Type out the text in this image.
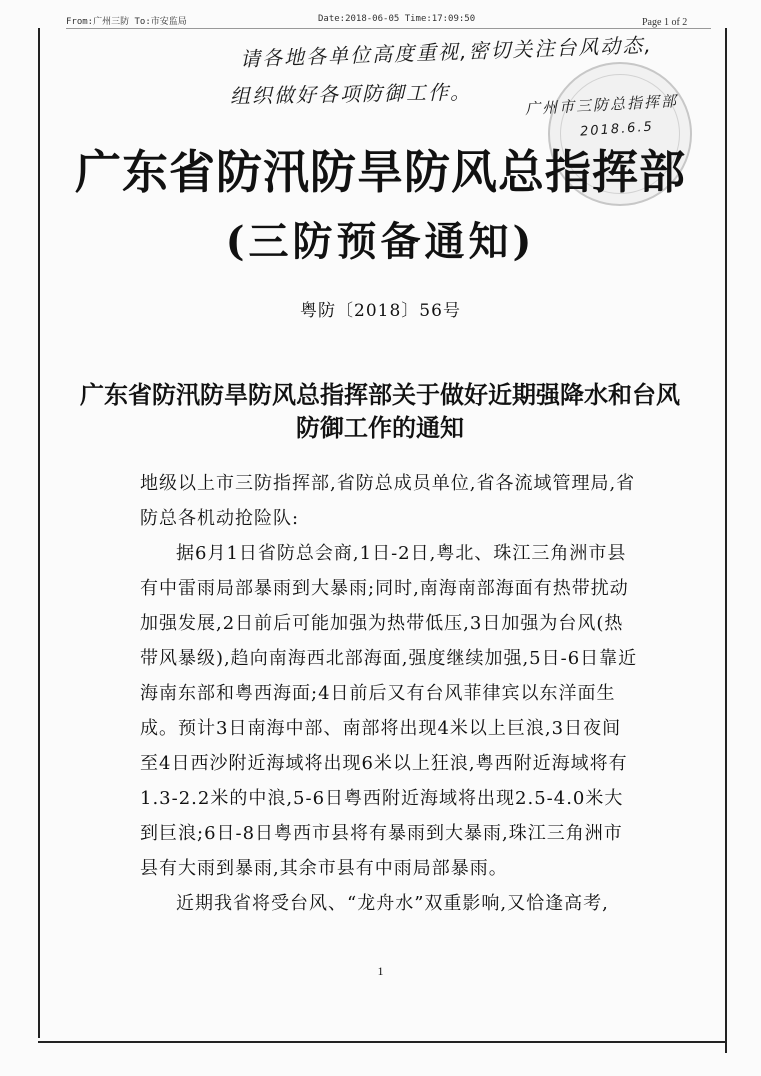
From:广州三防 To:市安监局	Date:2018-06-05 Time:17:09:50	Page 1 of 2
请各地各单位高度重视,密切关注台风动态,
组织做好各项防御工作。	广州市三防总指挥部
2018.6.5
广东省防汛防旱防风总指挥部
(三防预备通知)
粤防〔2018〕56号
广东省防汛防旱防风总指挥部关于做好近期强降水和台风防御工作的通知

地级以上市三防指挥部,省防总成员单位,省各流域管理局,省防总各机动抢险队:

据6月1日省防总会商,1日-2日,粤北、珠江三角洲市县有中雷雨局部暴雨到大暴雨;同时,南海南部海面有热带扰动加强发展,2日前后可能加强为热带低压,3日加强为台风(热带风暴级),趋向南海西北部海面,强度继续加强,5日-6日靠近海南东部和粤西海面;4日前后又有台风菲律宾以东洋面生成。预计3日南海中部、南部将出现4米以上巨浪,3日夜间至4日西沙附近海域将出现6米以上狂浪,粤西附近海域将有1.3-2.2米的中浪,5-6日粤西附近海域将出现2.5-4.0米大到巨浪;6日-8日粤西市县将有暴雨到大暴雨,珠江三角洲市县有大雨到暴雨,其余市县有中雨局部暴雨。

近期我省将受台风、“龙舟水”双重影响,又恰逢高考,

1
